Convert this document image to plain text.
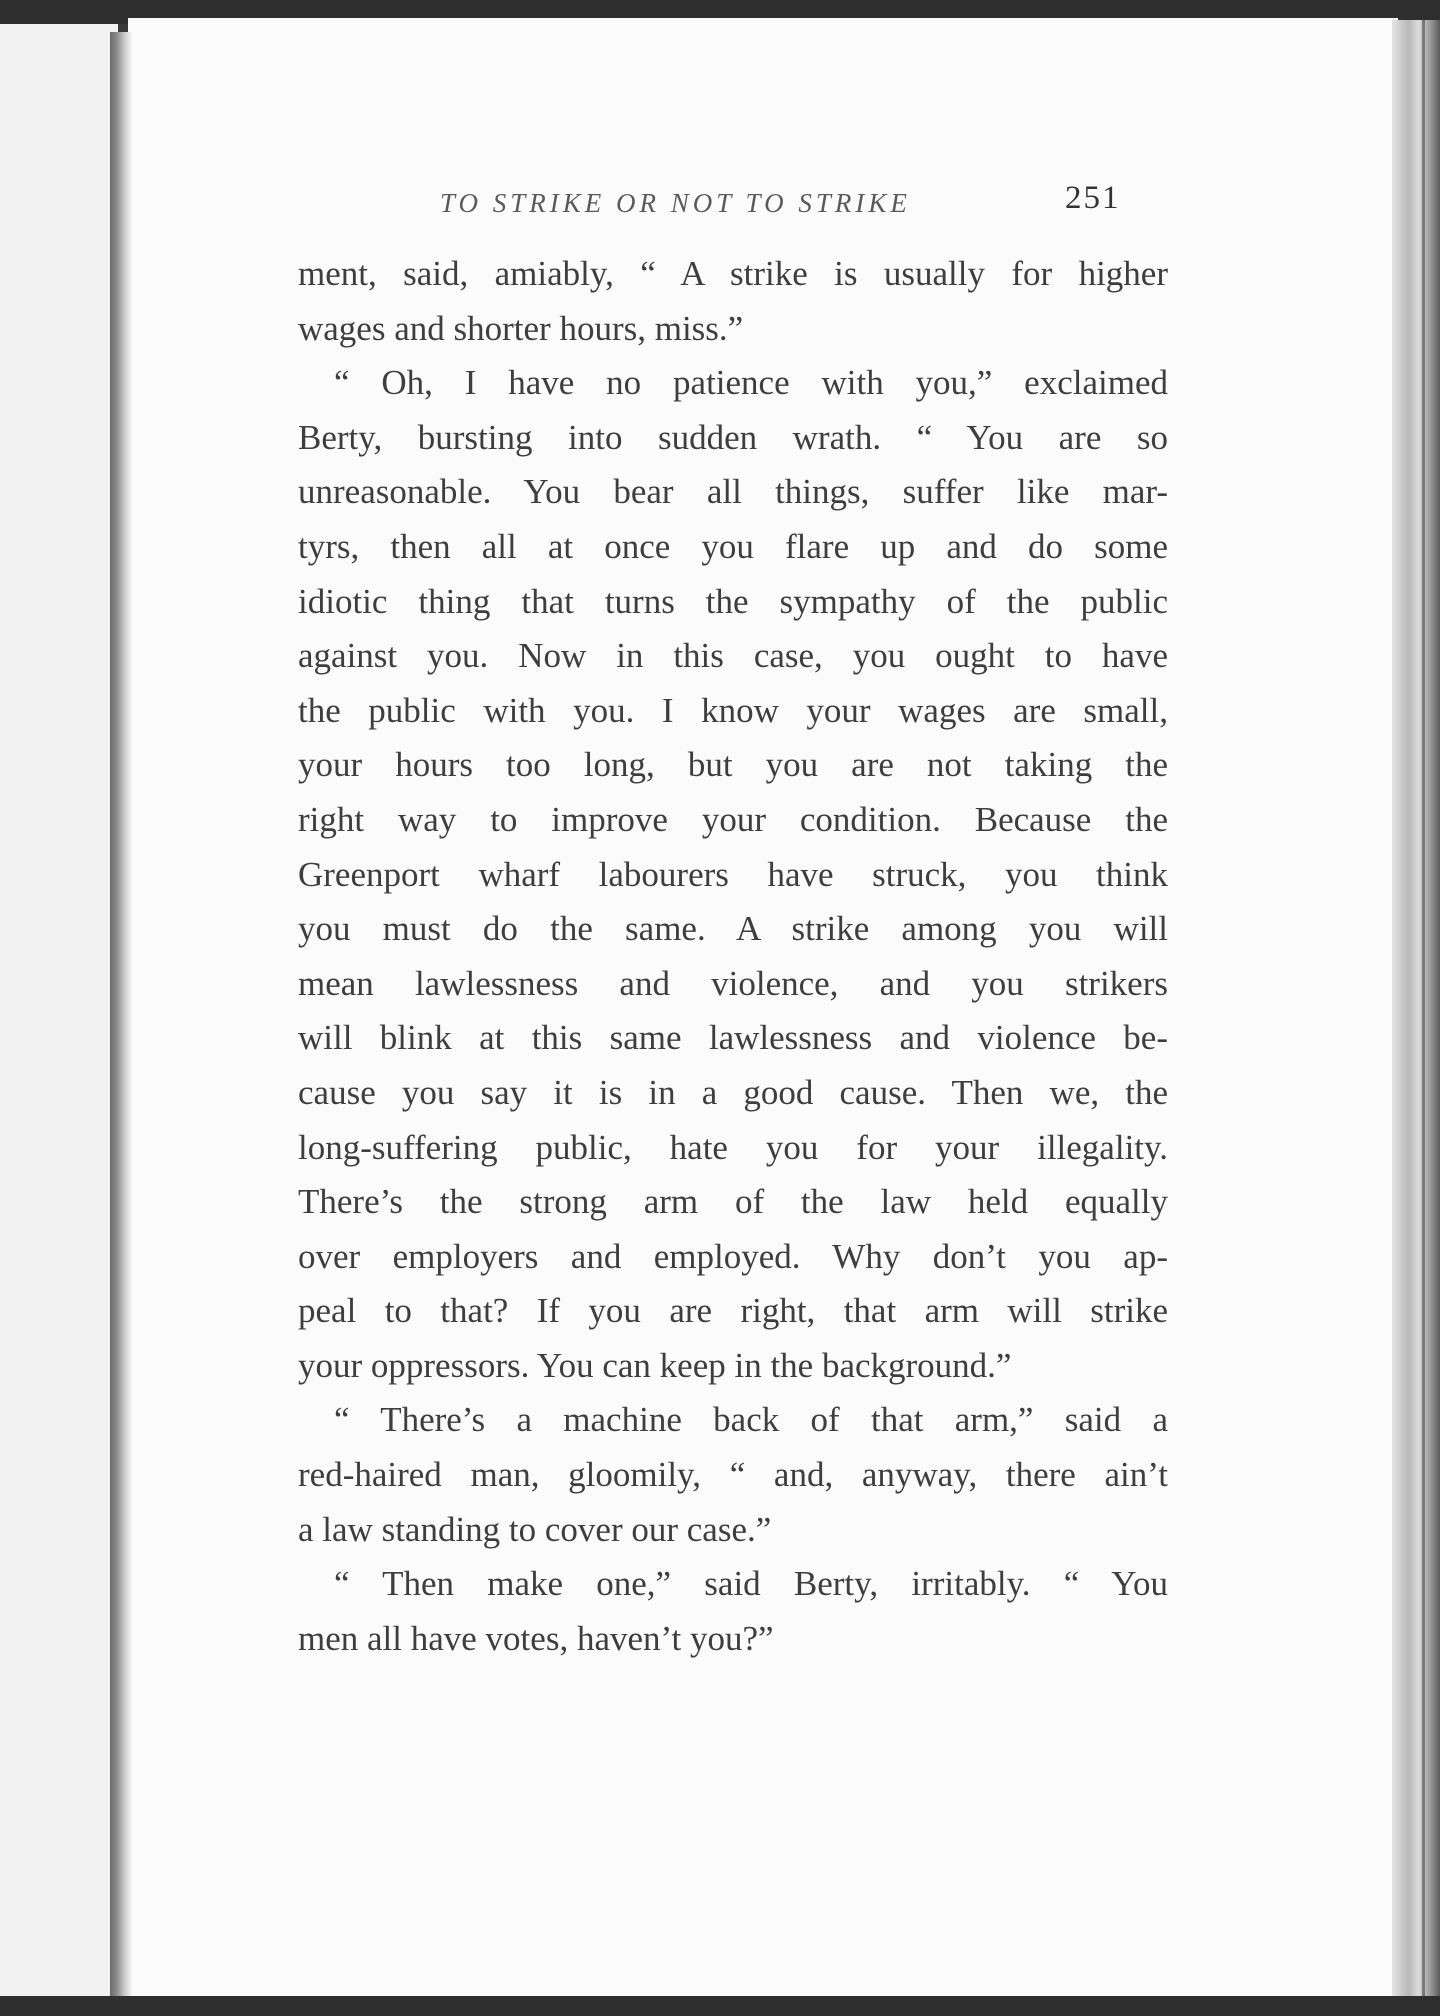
TO STRIKE OR NOT TO STRIKE	251
ment, said, amiably, “ A strike is usually for higher
wages and shorter hours, miss.”
“ Oh, I have no patience with you,” exclaimed
Berty, bursting into sudden wrath. “ You are so
unreasonable. You bear all things, suffer like mar-
tyrs, then all at once you flare up and do some
idiotic thing that turns the sympathy of the public
against you. Now in this case, you ought to have
the public with you. I know your wages are small,
your hours too long, but you are not taking the
right way to improve your condition. Because the
Greenport wharf labourers have struck, you think
you must do the same. A strike among you will
mean lawlessness and violence, and you strikers
will blink at this same lawlessness and violence be-
cause you say it is in a good cause. Then we, the
long-suffering public, hate you for your illegality.
There’s the strong arm of the law held equally
over employers and employed. Why don’t you ap-
peal to that? If you are right, that arm will strike
your oppressors. You can keep in the background.”
“ There’s a machine back of that arm,” said a
red-haired man, gloomily, “ and, anyway, there ain’t
a law standing to cover our case.”
“ Then make one,” said Berty, irritably. “ You
men all have votes, haven’t you?”
